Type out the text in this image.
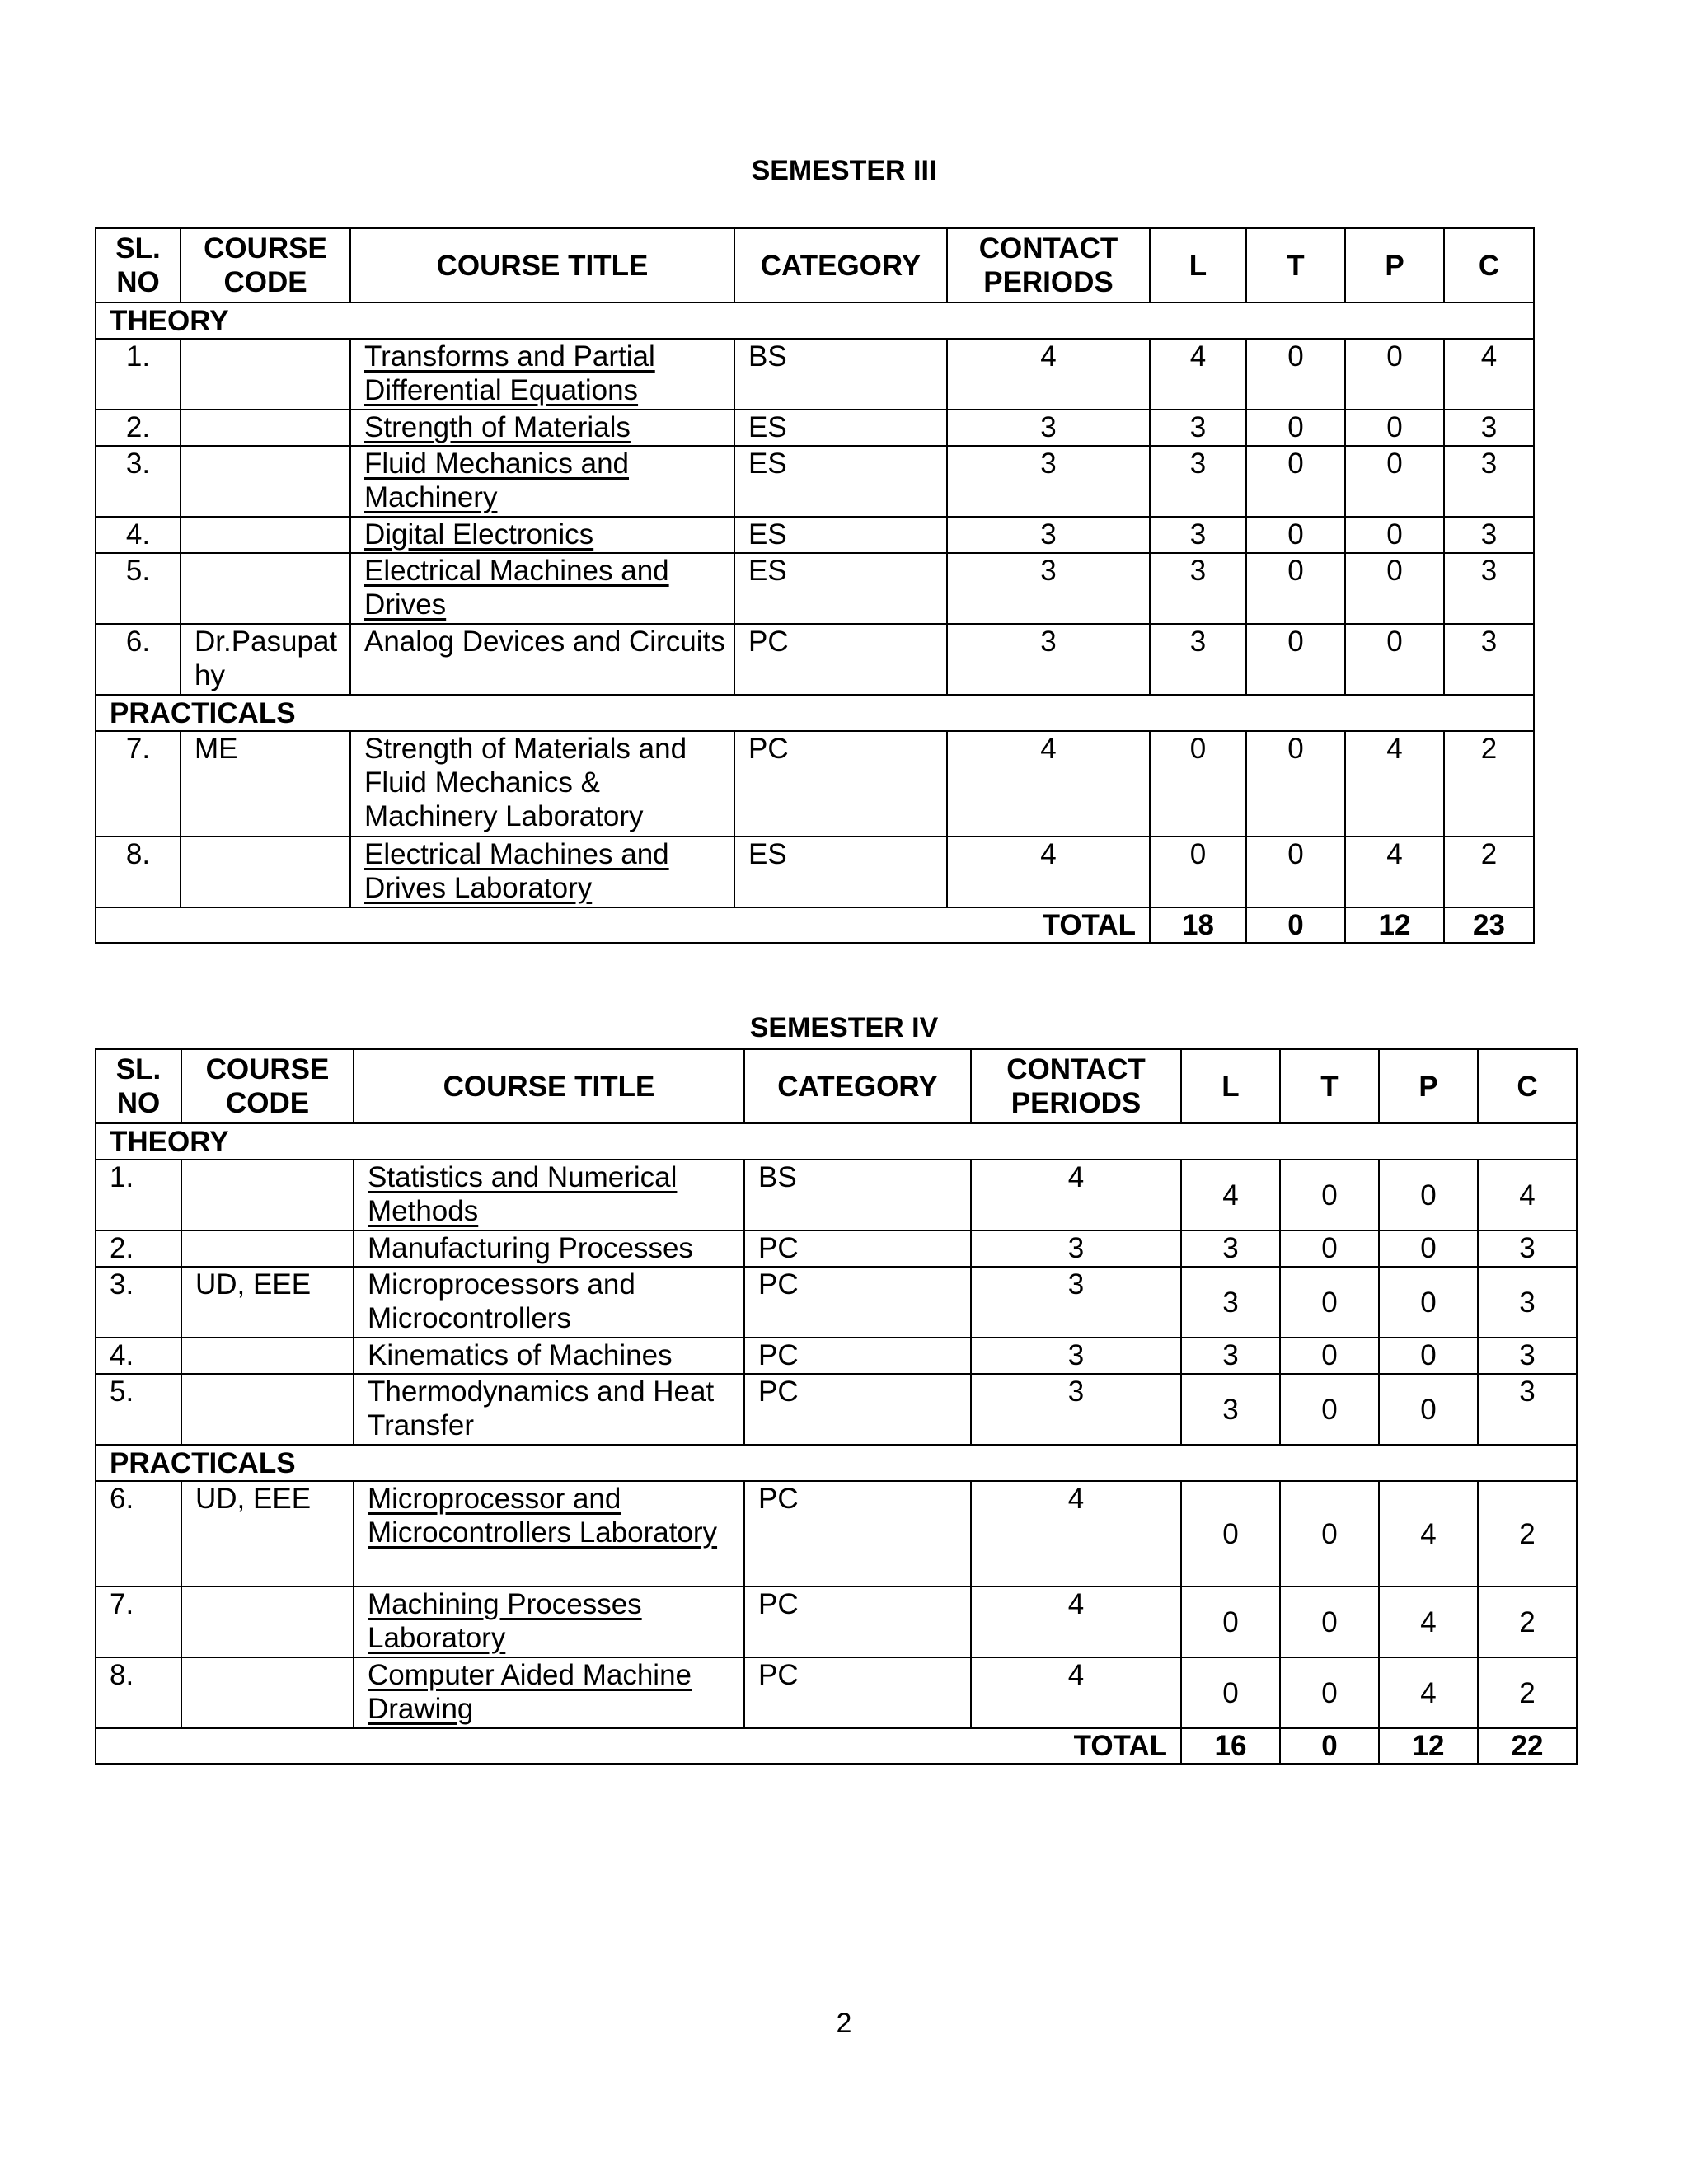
SEMESTER III
SL. NO	COURSE CODE	COURSE TITLE	CATEGORY	CONTACT PERIODS	L	T	P	C
THEORY								
1.		Transforms and Partial Differential Equations	BS	4	4	0	0	4
2.		Strength of Materials	ES	3	3	0	0	3
3.		Fluid Mechanics and Machinery	ES	3	3	0	0	3
4.		Digital Electronics	ES	3	3	0	0	3
5.		Electrical Machines and Drives	ES	3	3	0	0	3
6.	Dr.Pasupathy	Analog Devices and Circuits	PC	3	3	0	0	3
PRACTICALS								
7.	ME	Strength of Materials and Fluid Mechanics & Machinery Laboratory	PC	4	0	0	4	2
8.		Electrical Machines and Drives Laboratory	ES	4	0	0	4	2
TOTAL					18	0	12	23
SEMESTER IV
SL. NO	COURSE CODE	COURSE TITLE	CATEGORY	CONTACT PERIODS	L	T	P	C
THEORY								
1.		Statistics and Numerical Methods	BS	4	4	0	0	4
2.		Manufacturing Processes	PC	3	3	0	0	3
3.	UD, EEE	Microprocessors and Microcontrollers	PC	3	3	0	0	3
4.		Kinematics of Machines	PC	3	3	0	0	3
5.		Thermodynamics and Heat Transfer	PC	3	3	0	0	3
PRACTICALS								
6.	UD, EEE	Microprocessor and Microcontrollers Laboratory	PC	4	0	0	4	2
7.		Machining Processes Laboratory	PC	4	0	0	4	2
8.		Computer Aided Machine Drawing	PC	4	0	0	4	2
TOTAL					16	0	12	22
2
